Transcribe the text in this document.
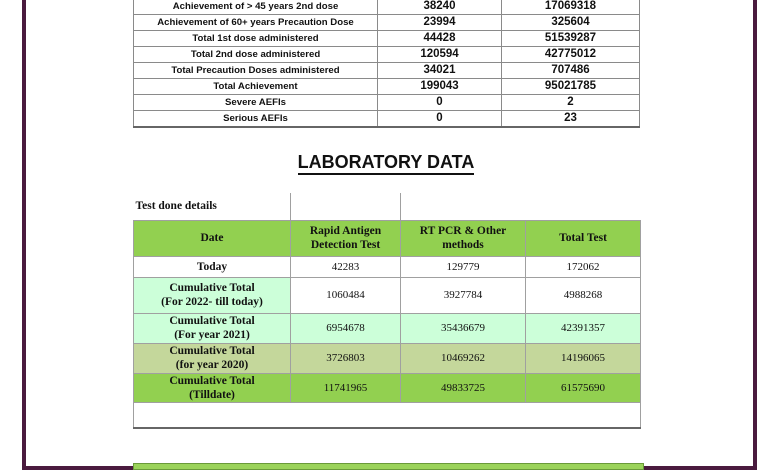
Achievement of > 45 years 2nd dose	38240	17069318
Achievement of 60+ years Precaution Dose	23994	325604
Total 1st dose administered	44428	51539287
Total 2nd dose administered	120594	42775012
Total Precaution Doses administered	34021	707486
Total Achievement	199043	95021785
Severe AEFIs	0	2
Serious AEFIs	0	23
LABORATORY DATA
Test done details			
Date	Rapid Antigen Detection Test	RT PCR & Other methods	Total Test
Today	42283	129779	172062

Cumulative Total
(For 2022- till today)	1060484	3927784	4988268

Cumulative Total
(For year 2021)	6954678	35436679	42391357

Cumulative Total
(for year 2020)	3726803	10469262	14196065

Cumulative Total
(Tilldate)	11741965	49833725	61575690
